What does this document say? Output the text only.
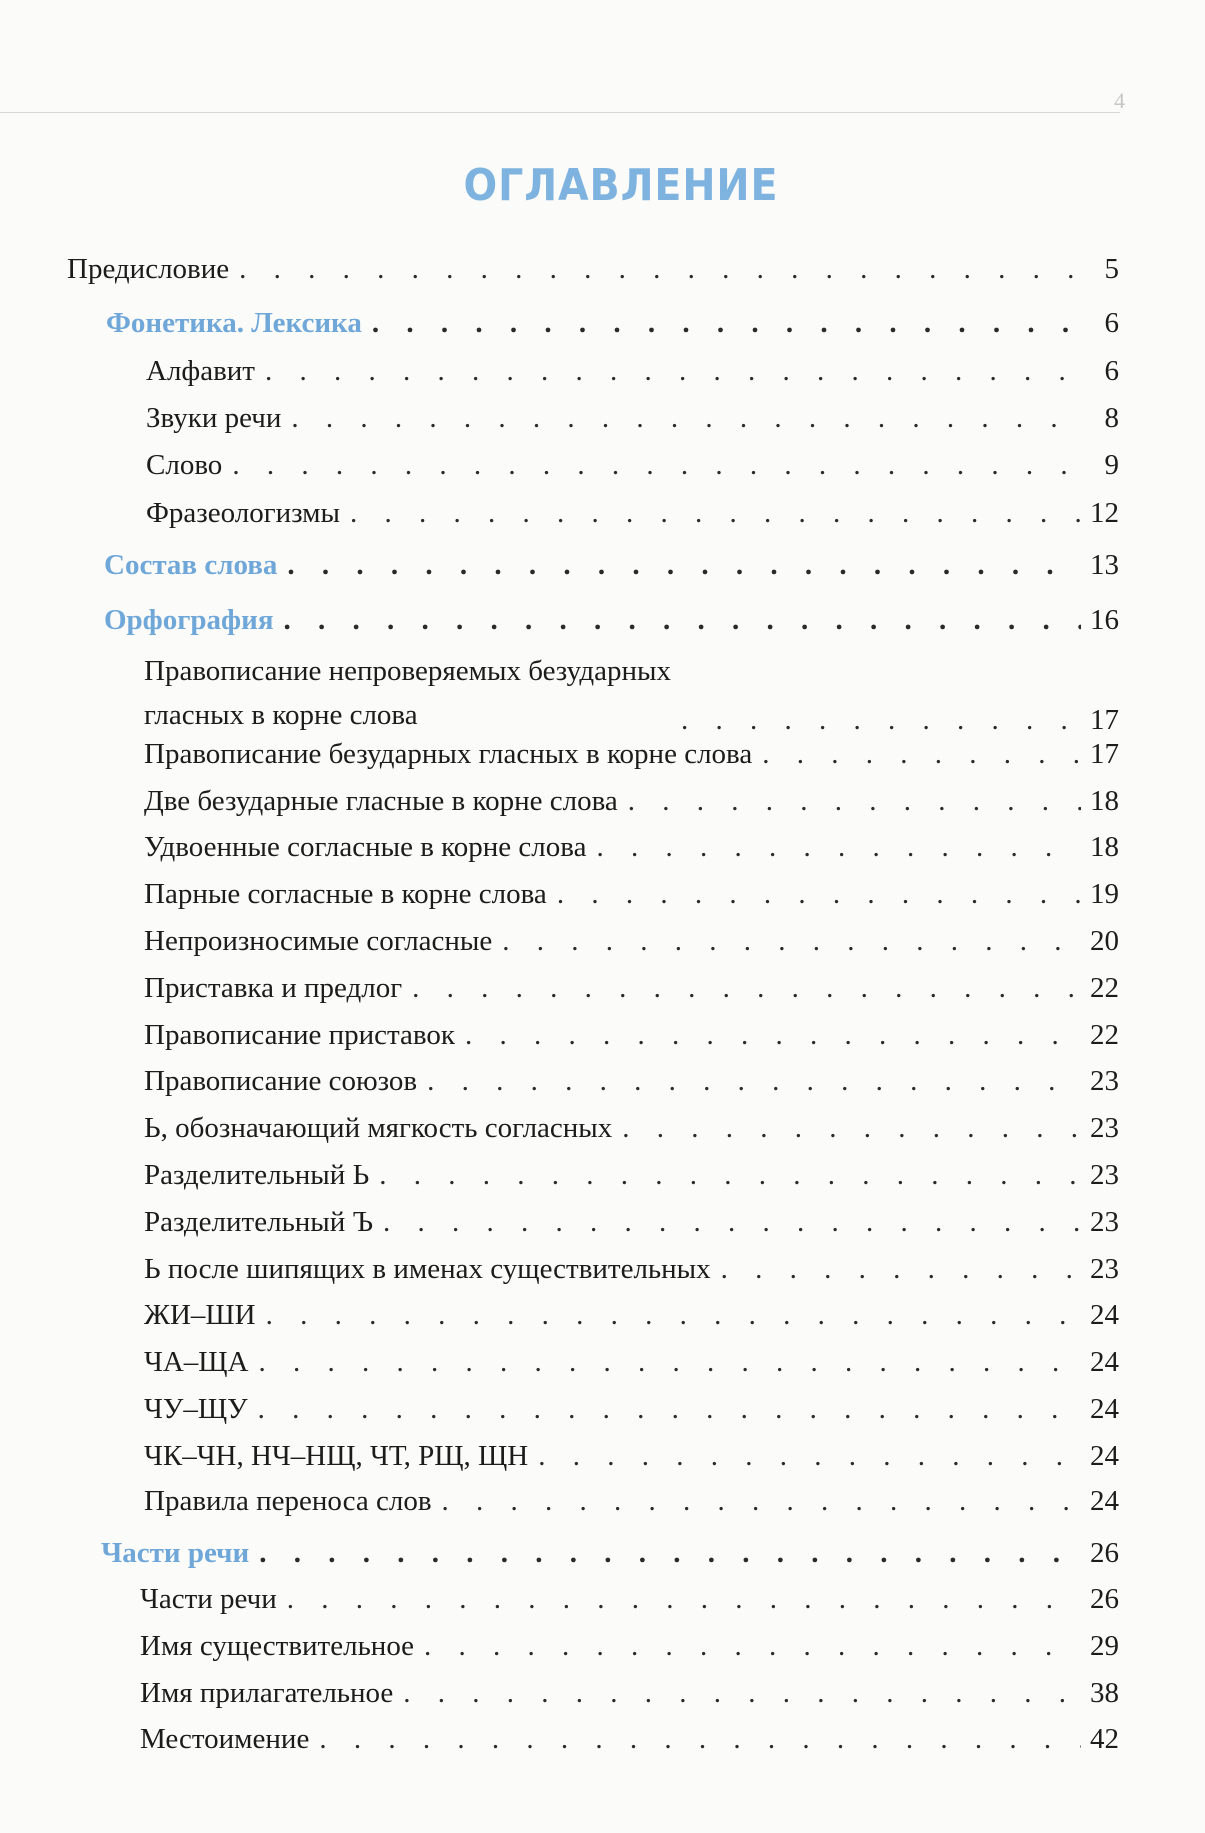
4
ОГЛАВЛЕНИЕ
Предисловие . . .	5
Фонетика. Лексика . . .	6
Алфавит . . .	6
Звуки речи . . .	8
Слово . . .	9
Фразеологизмы . . .	12
Состав слова . . .	13
Орфография . . .	16
Правописание непроверяемых безударных
гласных в корне слова . . .	17
Правописание безударных гласных в корне слова . . .	17
Две безударные гласные в корне слова . . .	18
Удвоенные согласные в корне слова . . .	18
Парные согласные в корне слова . . .	19
Непроизносимые согласные . . .	20
Приставка и предлог . . .	22
Правописание приставок . . .	22
Правописание союзов . . .	23
Ь, обозначающий мягкость согласных . . .	23
Разделительный Ь . . .	23
Разделительный Ъ . . .	23
Ь после шипящих в именах существительных . . .	23
ЖИ–ШИ . . .	24
ЧА–ЩА . . .	24
ЧУ–ЩУ . . .	24
ЧК–ЧН, НЧ–НЩ, ЧТ, РЩ, ЩН . . .	24
Правила переноса слов . . .	24
Части речи . . .	26
Части речи . . .	26
Имя существительное . . .	29
Имя прилагательное . . .	38
Местоимение . . .	42
